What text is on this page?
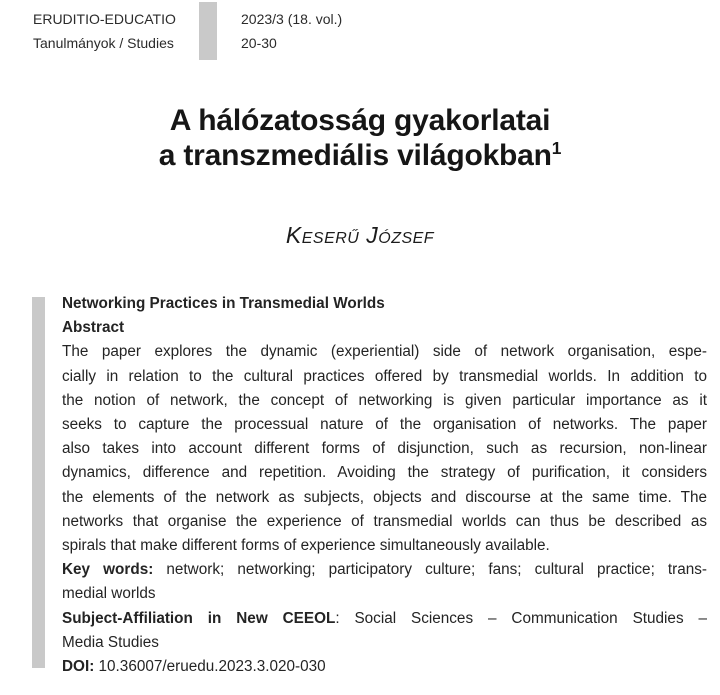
ERUDITIO-EDUCATIO
Tanulmányok / Studies
2023/3 (18. vol.)
20-30
A hálózatosság gyakorlatai
a transzmediális világokban$^1$
Keserű József
Networking Practices in Transmedial Worlds
Abstract
The paper explores the dynamic (experiential) side of network organisation, espe-
cially in relation to the cultural practices offered by transmedial worlds. In addition to
the notion of network, the concept of networking is given particular importance as it
seeks to capture the processual nature of the organisation of networks. The paper
also takes into account different forms of disjunction, such as recursion, non-linear
dynamics, difference and repetition. Avoiding the strategy of purification, it considers
the elements of the network as subjects, objects and discourse at the same time. The
networks that organise the experience of transmedial worlds can thus be described as
spirals that make different forms of experience simultaneously available.
Key words: network; networking; participatory culture; fans; cultural practice; trans-
medial worlds
Subject-Affiliation in New CEEOL: Social Sciences – Communication Studies –
Media Studies
DOI: 10.36007/eruedu.2023.3.020-030
